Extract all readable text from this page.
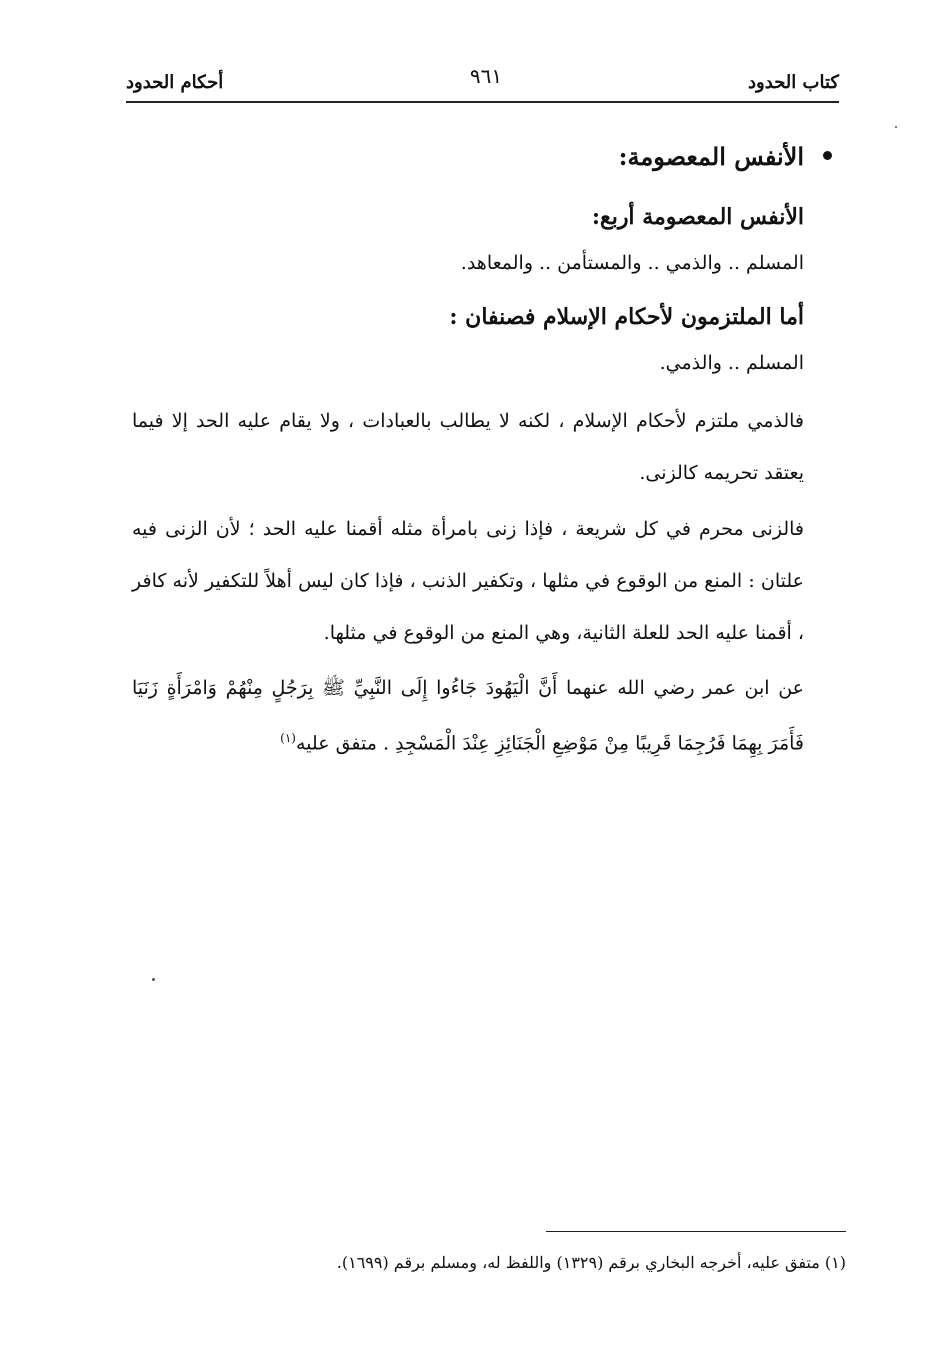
كتاب الحدود
٩٦١
أحكام الحدود
الأنفس المعصومة:
الأنفس المعصومة أربع:
المسلم .. والذمي .. والمستأمن .. والمعاهد.
أما الملتزمون لأحكام الإسلام فصنفان :
المسلم .. والذمي.
فالذمي ملتزم لأحكام الإسلام ، لكنه لا يطالب بالعبادات ، ولا يقام عليه الحد إلا فيما يعتقد تحريمه كالزنى.
فالزنى محرم في كل شريعة ، فإذا زنى بامرأة مثله أقمنا عليه الحد ؛ لأن الزنى فيه علتان : المنع من الوقوع في مثلها ، وتكفير الذنب ، فإذا كان ليس أهلاً للتكفير لأنه كافر ، أقمنا عليه الحد للعلة الثانية، وهي المنع من الوقوع في مثلها.
عن ابن عمر رضي الله عنهما أَنَّ الْيَهُودَ جَاءُوا إِلَى النَّبِيِّ ﷺ بِرَجُلٍ مِنْهُمْ وَامْرَأَةٍ زَنَيَا فَأَمَرَ بِهِمَا فَرُجِمَا قَرِيبًا مِنْ مَوْضِعِ الْجَنَائِزِ عِنْدَ الْمَسْجِدِ . متفق عليه$^{(١)}$
(١) متفق عليه، أخرجه البخاري برقم (١٣٢٩) واللفظ له، ومسلم برقم (١٦٩٩).
